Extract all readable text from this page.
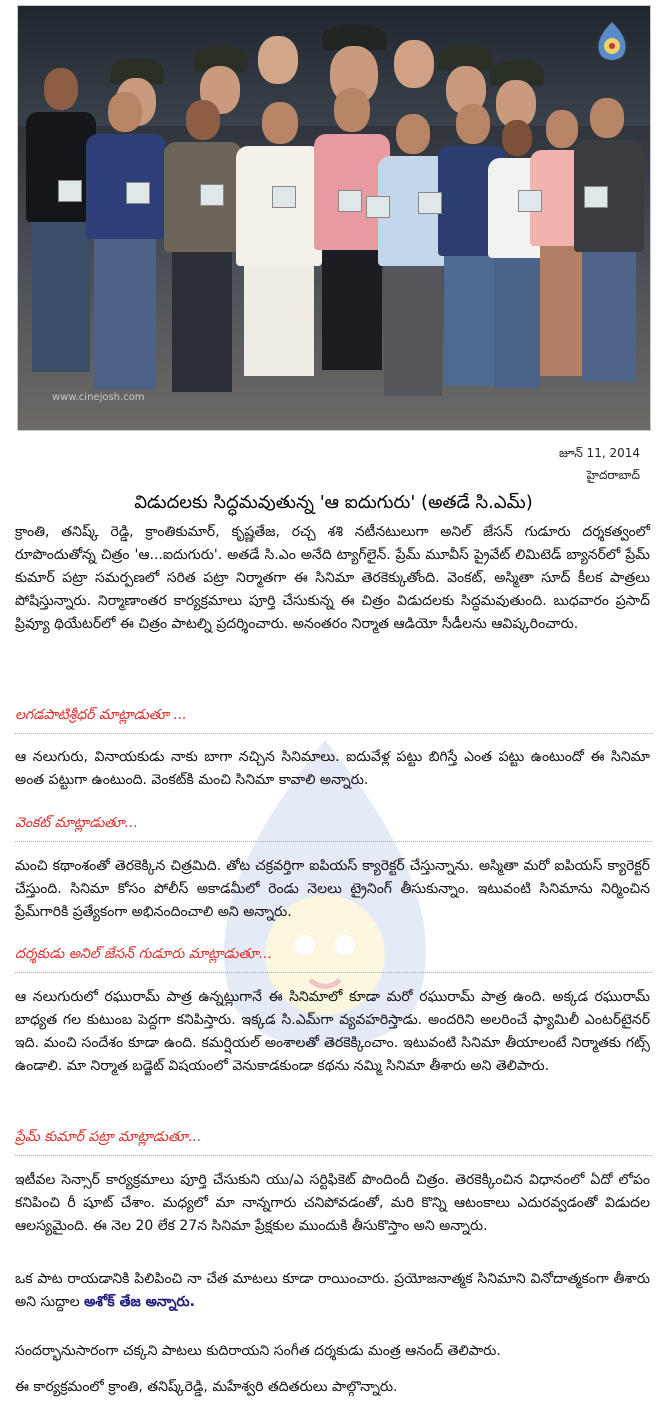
www.cinejosh.com
జూన్ 11, 2014
హైదరాబాద్
విడుదలకు సిద్ధమవుతున్న 'ఆ ఐదుగురు' (అతడే సి.ఎమ్)

క్రాంతి, తనిష్క్ రెడ్డి, క్రాంతికుమార్, కృష్ణతేజ, రచ్చ శశి నటీనటులుగా అనిల్ జేసన్ గుడూరు దర్శకత్వంలో రూపొందుతోన్న చిత్రం 'ఆ...ఐదుగురు'. అతడే సి.ఎం అనేది ట్యాగ్‌లైన్. ప్రేమ్ మూవీస్ ప్రైవేట్ లిమిటెడ్ బ్యానర్‌లో ప్రేమ్ కుమార్ పట్రా సమర్పణలో సరిత పట్రా నిర్మాతగా ఈ సినిమా తెరకెక్కుతోంది. వెంకట్, అస్మితా సూద్ కీలక పాత్రలు పోషిస్తున్నారు. నిర్మాణాంతర కార్యక్రమాలు పూర్తి చేసుకున్న ఈ చిత్రం విడుదలకు సిద్ధమవుతుంది. బుధవారం ప్రసాద్ ప్రివ్యూ థియేటర్‌లో ఈ చిత్రం పాటల్ని ప్రదర్శించారు. అనంతరం నిర్మాత ఆడియో సీడీలను ఆవిష్కరించారు.

లగడపాటిశ్రీధర్ మాట్లాడుతూ ...

ఆ నలుగురు, వినాయకుడు నాకు బాగా నచ్చిన సినిమాలు. ఐదువేళ్ల పట్టు బిగిస్తే ఎంత పట్టు ఉంటుందో ఈ సినిమా అంత పట్టుగా ఉంటుంది. వెంకట్‌కి మంచి సినిమా కావాలి అన్నారు.

వెంకట్ మాట్లాడుతూ...

మంచి కథాంశంతో తెరకెక్కిన చిత్రమిది. తోట చక్రవర్తిగా ఐపియస్ క్యారెక్టర్ చేస్తున్నాను. అస్మితా మరో ఐపియస్ క్యారెక్టర్ చేస్తుంది. సినిమా కోసం పోలీస్ అకాడమీలో రెండు నెలలు ట్రైనింగ్ తీసుకున్నాం. ఇటువంటి సినిమాను నిర్మించిన ప్రేమ్‌గారికి ప్రత్యేకంగా అభినందించాలి అని అన్నారు.

దర్శకుడు అనిల్ జేసన్ గుడూరు మాట్లాడుతూ...

ఆ నలుగురులో రఘురామ్ పాత్ర ఉన్నట్లుగానే ఈ సినిమాలో కూడా మరో రఘురామ్ పాత్ర ఉంది. అక్కడ రఘురామ్ బాధ్యత గల కుటుంబ పెద్దగా కనిపిస్తారు. ఇక్కడ సి.ఎమ్‌గా వ్యవహరిస్తాడు. అందరిని అలరించే ఫ్యామిలీ ఎంటర్‌టైనర్ ఇది. మంచి సందేశం కూడా ఉంది. కమర్షియల్ అంశాలతో తెరకెక్కించాం. ఇటువంటి సినిమా తీయాలంటే నిర్మాతకు గట్స్ ఉండాలి. మా నిర్మాత బడ్జెట్ విషయంలో వెనుకాడకుండా కథను నమ్మి సినిమా తీశారు అని తెలిపారు.

ప్రేమ్ కుమార్ పట్రా మాట్లాడుతూ...

ఇటీవల సెన్సార్ కార్యక్రమాలు పూర్తి చేసుకుని యు/ఎ సర్టిఫికెట్ పొందిందీ చిత్రం. తెరకెక్కించిన విధానంలో ఏదో లోపం కనిపించి రీ షూట్ చేశాం. మధ్యలో మా నాన్నగారు చనిపోవడంతో, మరి కొన్ని ఆటంకాలు ఎదురవ్వడంతో విడుదల ఆలస్యమైంది. ఈ నెల 20 లేక 27న సినిమా ప్రేక్షకుల ముందుకి తీసుకొస్తాం అని అన్నారు.

ఒక పాట రాయడానికి పిలిపించి నా చేత మాటలు కూడా రాయించారు. ప్రయోజనాత్మక సినిమాని వినోదాత్మకంగా తీశారు అని సుద్దాల అశోక్ తేజ అన్నారు.

సందర్భానుసారంగా చక్కని పాటలు కుదిరాయని సంగీత దర్శకుడు మంత్ర ఆనంద్ తెలిపారు.

ఈ కార్యక్రమంలో క్రాంతి, తనిష్క్‌రెడ్డి, మహేశ్వరి తదితరులు పాల్గొన్నారు.
